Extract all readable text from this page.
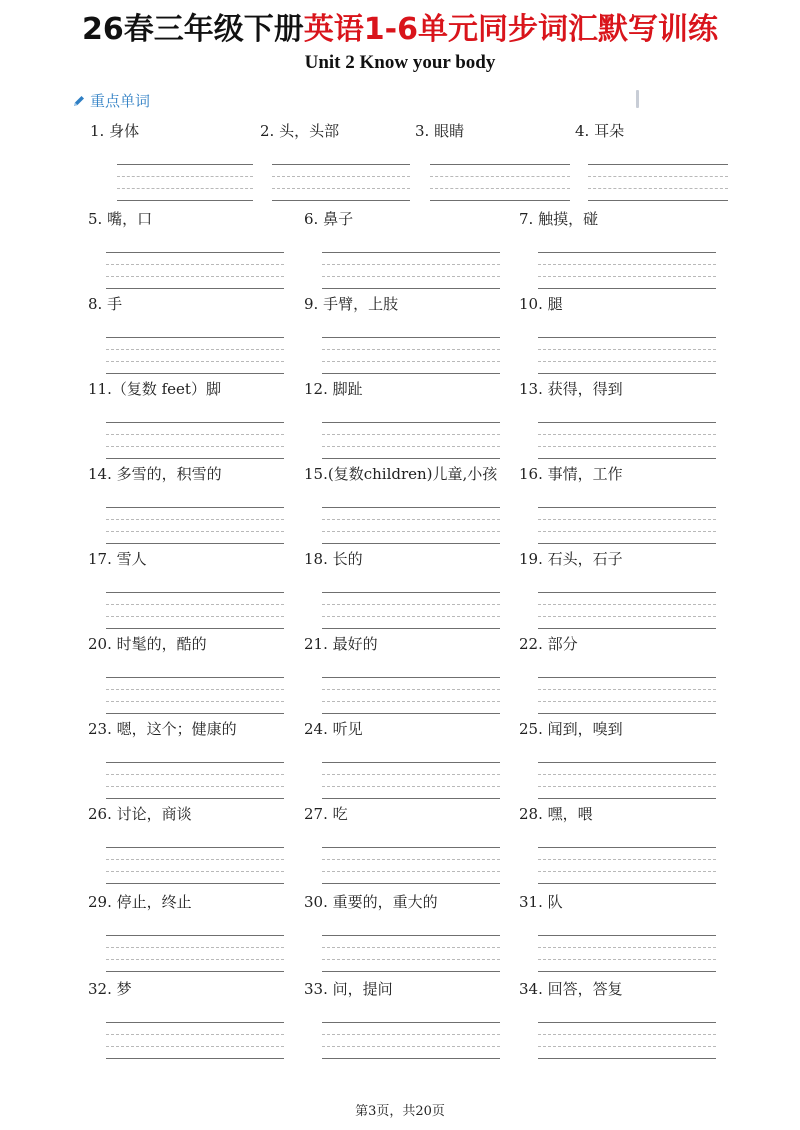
26春三年级下册英语1-6单元同步词汇默写训练
Unit 2 Know your body
重点单词
1. 身体	2. 头，头部	3. 眼睛	4. 耳朵
5. 嘴，口	6. 鼻子	7. 触摸，碰
8. 手	9. 手臂，上肢	10. 腿
11.（复数 feet）脚	12. 脚趾	13. 获得，得到
14. 多雪的，积雪的	15.(复数children)儿童,小孩 16. 事情，工作
17. 雪人	18. 长的	19. 石头，石子
20. 时髦的，酷的	21. 最好的	22. 部分
23. 嗯，这个；健康的	24. 听见	25. 闻到，嗅到
26. 讨论，商谈	27. 吃	28. 嘿，喂
29. 停止，终止	30. 重要的，重大的	31. 队
32. 梦	33. 问，提问	34. 回答，答复
第3页，共20页
